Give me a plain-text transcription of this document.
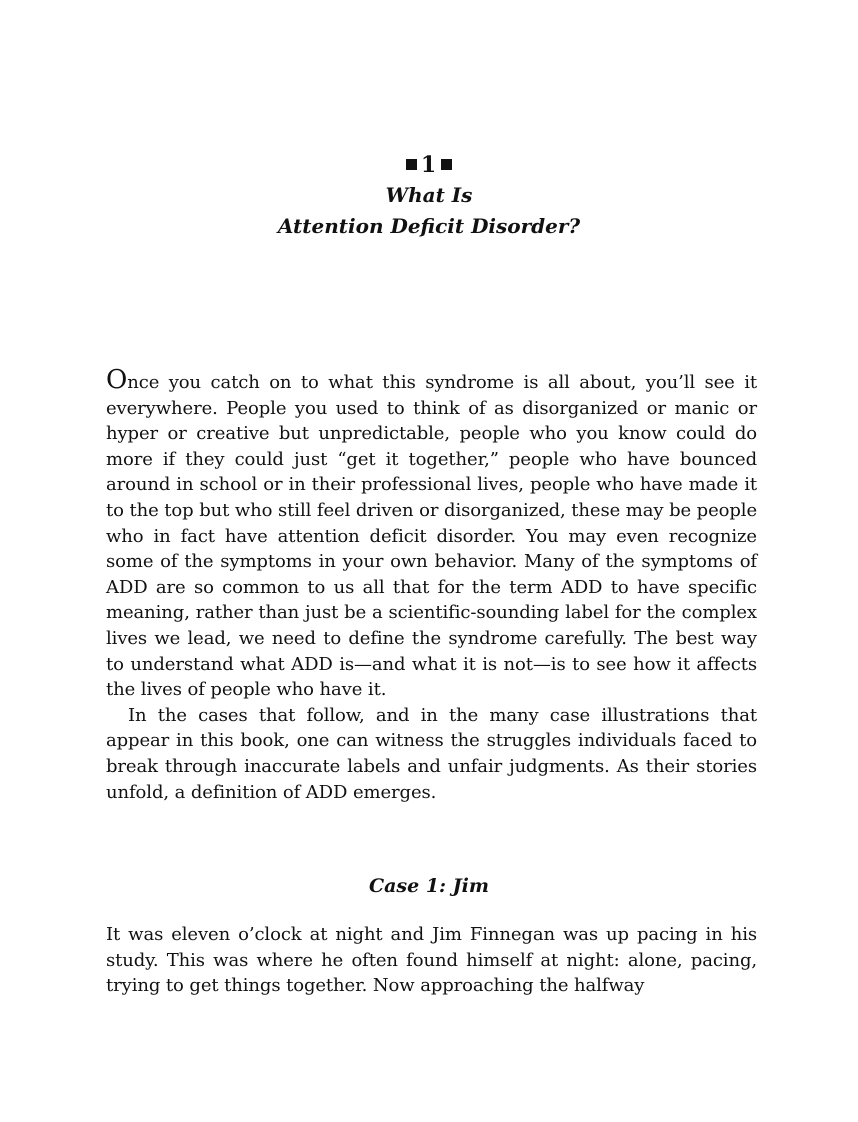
1
What Is
Attention Deficit Disorder?

Once you catch on to what this syndrome is all about, you’ll see it everywhere. People you used to think of as disorganized or manic or hyper or creative but unpredictable, people who you know could do more if they could just “get it together,” people who have bounced around in school or in their professional lives, people who have made it to the top but who still feel driven or disorganized, these may be people who in fact have attention deficit disorder. You may even recognize some of the symptoms in your own behavior. Many of the symptoms of ADD are so common to us all that for the term ADD to have specific meaning, rather than just be a scientific-sounding label for the complex lives we lead, we need to define the syndrome carefully. The best way to understand what ADD is—and what it is not—is to see how it affects the lives of people who have it.

In the cases that follow, and in the many case illustrations that appear in this book, one can witness the struggles individuals faced to break through inaccurate labels and unfair judgments. As their stories unfold, a definition of ADD emerges.

Case 1: Jim

It was eleven o’clock at night and Jim Finnegan was up pacing in his study. This was where he often found himself at night: alone, pacing, trying to get things together. Now approaching the halfway
